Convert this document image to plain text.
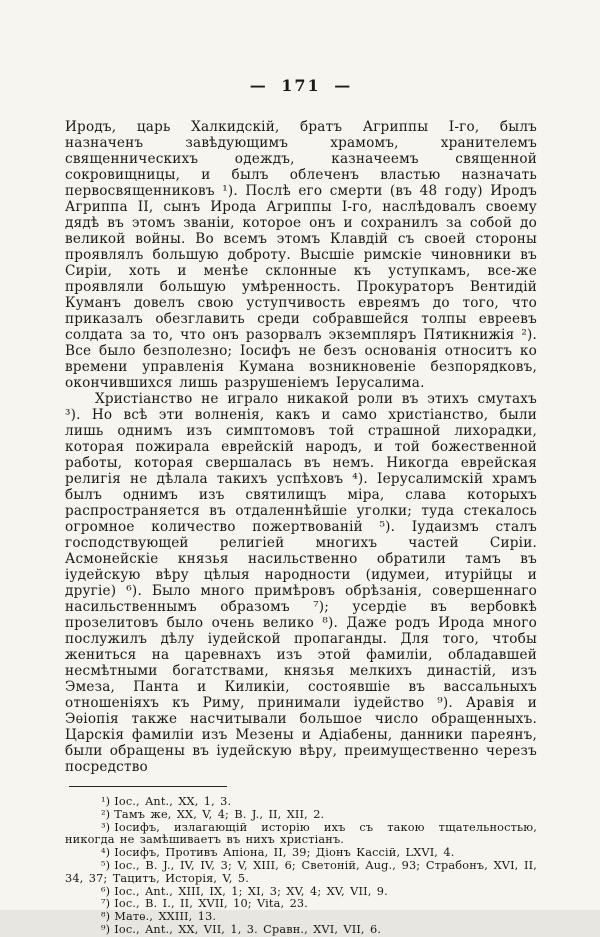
— 171 —

Иродъ, царь Халкидскій, братъ Агриппы I-го, былъ назначенъ завѣдующимъ храмомъ, хранителемъ священническихъ одеждъ, казначеемъ священной сокровищницы, и былъ облеченъ властью назначать первосвященниковъ ¹). Послѣ его смерти (въ 48 году) Иродъ Агриппа II, сынъ Ирода Агриппы I-го, наслѣдовалъ своему дядѣ въ этомъ званіи, которое онъ и сохранилъ за собой до великой войны. Во всемъ этомъ Клавдій съ своей стороны проявлялъ большую доброту. Высшіе римскіе чиновники въ Сиріи, хоть и менѣе склонные къ уступкамъ, все-же проявляли большую умѣренность. Прокураторъ Вентидій Куманъ довелъ свою уступчивость евреямъ до того, что приказалъ обезглавить среди собравшейся толпы евреевъ солдата за то, что онъ разорвалъ экземпляръ Пятикнижія ²). Все было безполезно; Іосифъ не безъ основанія относитъ ко времени управленія Кумана возникновеніе безпорядковъ, окончившихся лишь разрушеніемъ Іерусалима.

Христіанство не играло никакой роли въ этихъ смутахъ ³). Но всѣ эти волненія, какъ и само христіанство, были лишь однимъ изъ симптомовъ той страшной лихорадки, которая пожирала еврейскій народъ, и той божественной работы, которая свершалась въ немъ. Никогда еврейская религія не дѣлала такихъ успѣховъ ⁴). Іерусалимскій храмъ былъ однимъ изъ святилищъ міра, слава которыхъ распространяется въ отдаленнѣйшіе уголки; туда стекалось огромное количество пожертвованій ⁵). Іудаизмъ сталъ господствующей религіей многихъ частей Сиріи. Асмонейскіе князья насильственно обратили тамъ въ іудейскую вѣру цѣлыя народности (идумеи, итурійцы и другіе) ⁶). Было много примѣровъ обрѣзанія, совершеннаго насильственнымъ образомъ ⁷); усердіе въ вербовкѣ прозелитовъ было очень велико ⁸). Даже родъ Ирода много послужилъ дѣлу іудейской пропаганды. Для того, чтобы жениться на царевнахъ изъ этой фамиліи, обладавшей несмѣтными богатствами, князья мелкихъ династій, изъ Эмеза, Панта и Киликіи, состоявшіе въ вассальныхъ отношеніяхъ къ Риму, принимали іудейство ⁹). Аравія и Эѳіопія также насчитывали большое число обращенныхъ. Царскія фамиліи изъ Мезены и Адіабены, данники пареянъ, были обращены въ іудейскую вѣру, преимущественно черезъ посредство

¹) Іос., Ant., XX, 1, 3.
²) Тамъ же, XX, V, 4; B. J., II, XII, 2.
³) Іосифъ, излагающій исторію ихъ съ такою тщательностью, никогда не замѣшиваетъ въ нихъ христіанъ.
⁴) Іосифъ, Противъ Апіона, II, 39; Діонъ Кассій, LXVI, 4.
⁵) Іос., B. J., IV, IV, 3; V, XIII, 6; Светоній, Aug., 93; Страбонъ, XVI, II, 34, 37; Тацитъ, Исторія, V, 5.
⁶) Іос., Ant., XIII, IX, 1; XI, 3; XV, 4; XV, VII, 9.
⁷) Іос., B. I., II, XVII, 10; Vita, 23.
⁸) Матѳ., XXIII, 13.
⁹) Іос., Ant., XX, VII, 1, 3. Сравн., XVI, VII, 6.
